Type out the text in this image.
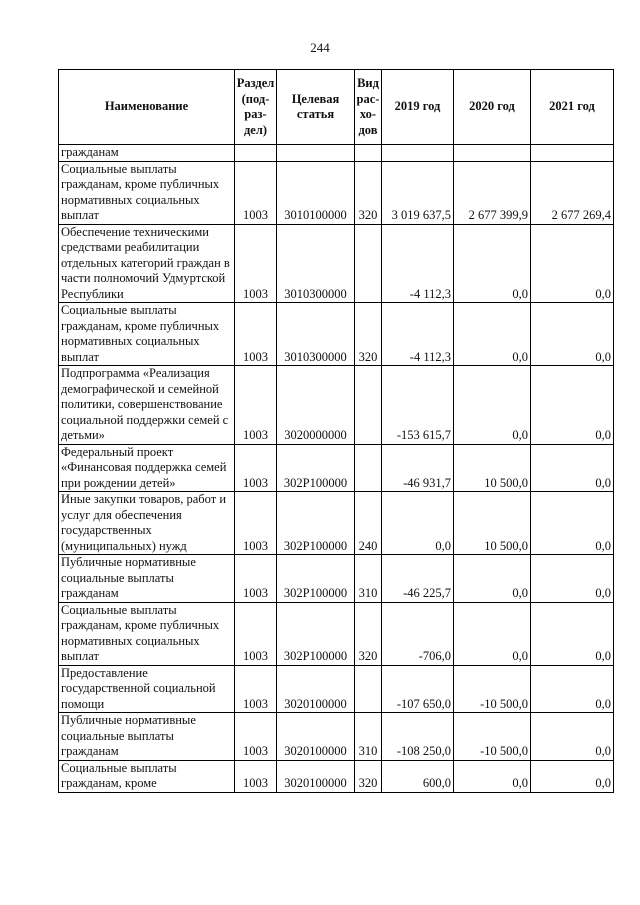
244
Наименование	Раздел (под-раз-дел)	Целевая статья	Вид рас-хо-дов	2019 год	2020 год	2021 год
гражданам						
Социальные выплаты гражданам, кроме публичных нормативных социальных выплат	1003	3010100000	320	3 019 637,5	2 677 399,9	2 677 269,4
Обеспечение техническими средствами реабилитации отдельных категорий граждан в части полномочий Удмуртской Республики	1003	3010300000		-4 112,3	0,0	0,0
Социальные выплаты гражданам, кроме публичных нормативных социальных выплат	1003	3010300000	320	-4 112,3	0,0	0,0
Подпрограмма «Реализация демографической и семейной политики, совершенствование социальной поддержки семей с детьми»	1003	3020000000		-153 615,7	0,0	0,0
Федеральный проект «Финансовая поддержка семей при рождении детей»	1003	302P100000		-46 931,7	10 500,0	0,0
Иные закупки товаров, работ и услуг для обеспечения государственных (муниципальных) нужд	1003	302P100000	240	0,0	10 500,0	0,0
Публичные нормативные социальные выплаты гражданам	1003	302P100000	310	-46 225,7	0,0	0,0
Социальные выплаты гражданам, кроме публичных нормативных социальных выплат	1003	302P100000	320	-706,0	0,0	0,0
Предоставление государственной социальной помощи	1003	3020100000		-107 650,0	-10 500,0	0,0
Публичные нормативные социальные выплаты гражданам	1003	3020100000	310	-108 250,0	-10 500,0	0,0
Социальные выплаты гражданам, кроме	1003	3020100000	320	600,0	0,0	0,0
